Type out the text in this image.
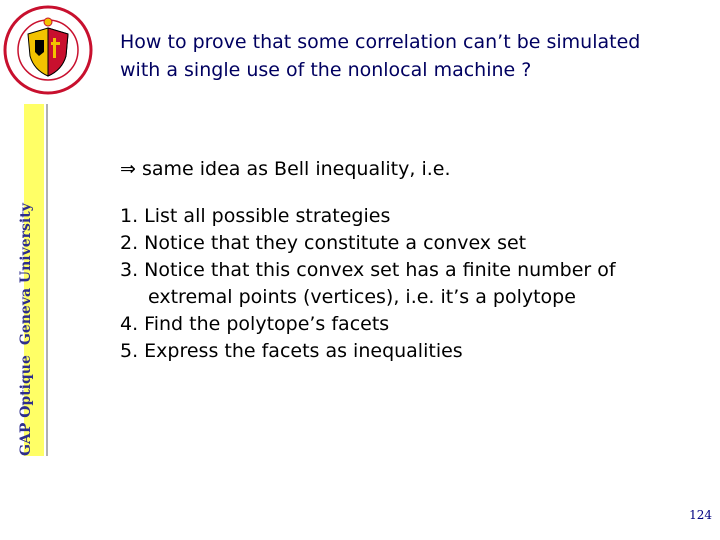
GAP OptiqueGeneva University
How to prove that some correlation can’t be simulated
with a single use of the nonlocal machine ?
⇒ same idea as Bell inequality, i.e.
1. List all possible strategies
2. Notice that they constitute a convex set
3. Notice that this convex set has a finite number of
extremal points (vertices), i.e. it’s a polytope
4. Find the polytope’s facets
5. Express the facets as inequalities
124
